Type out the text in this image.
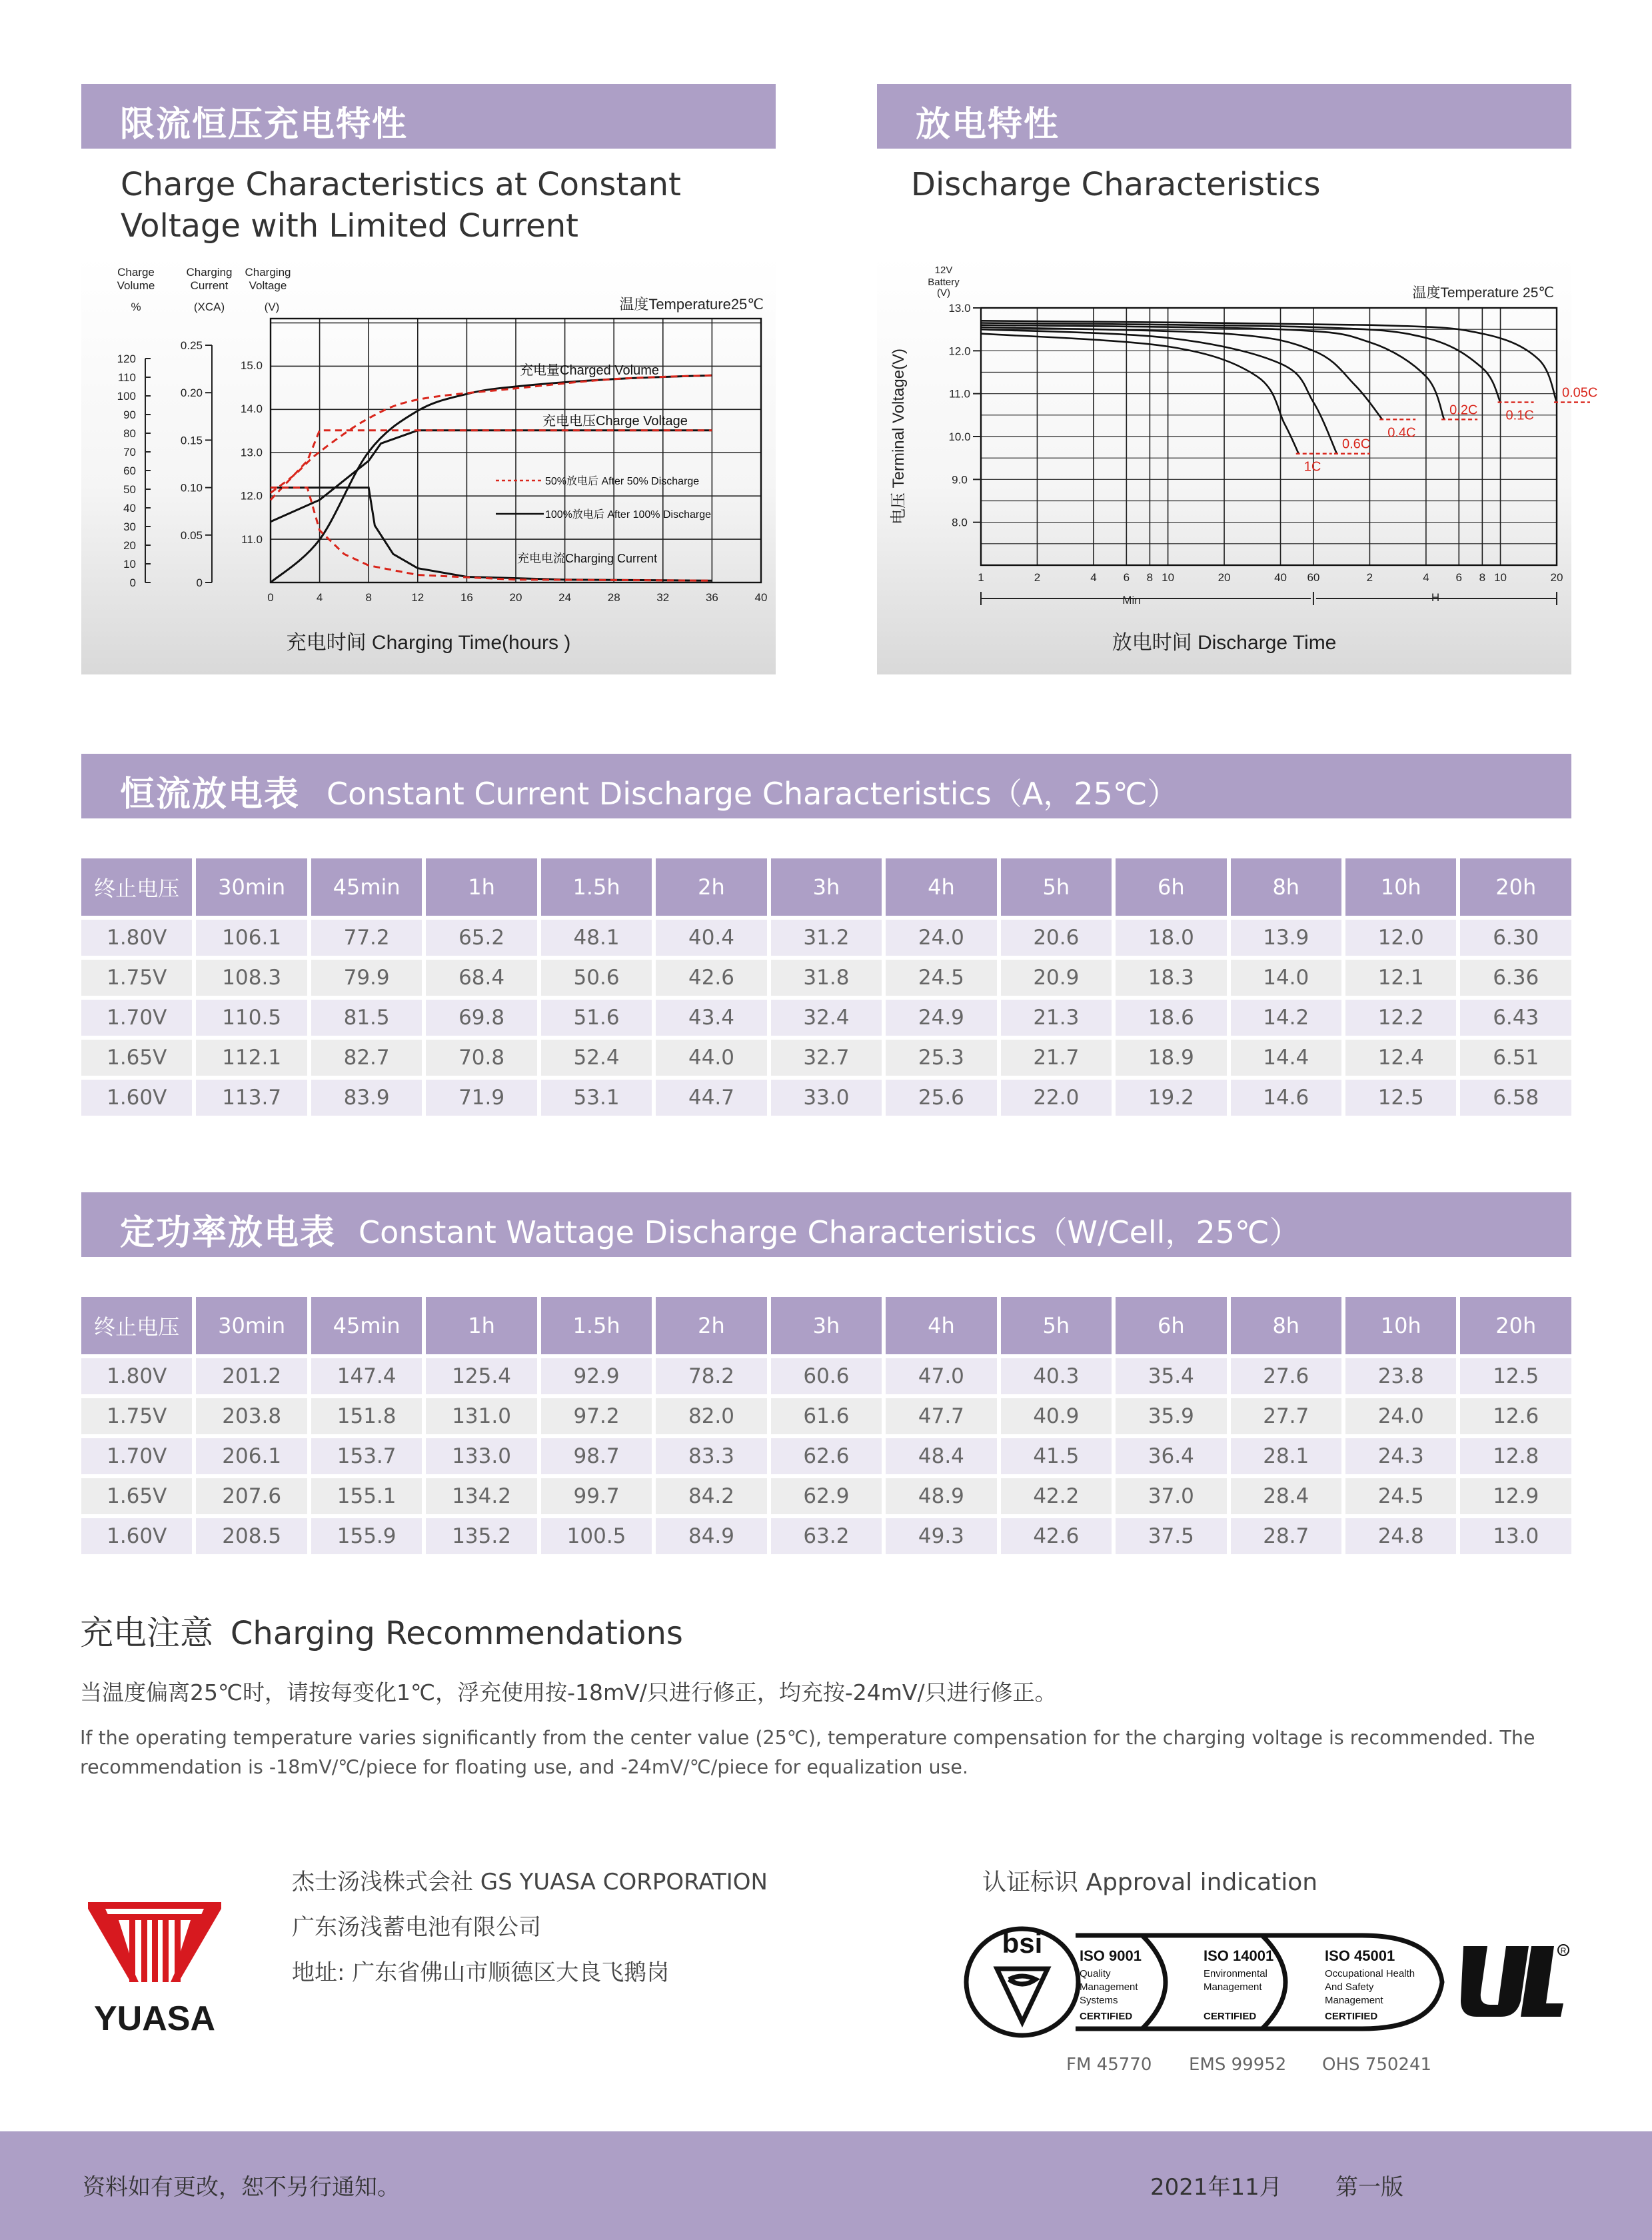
限流恒压充电特性	放电特性
Charge Characteristics at Constant
Voltage with Limited Current
Discharge Characteristics
0	4	8	12	16	20	24	28	32	36	40
Charge
Volume
%
Charging
Current
(XCA)
Charging
Voltage
(V)
0
10
20
30
40
50
60
70
80
90
100
110
120
0
0.05
0.10
0.15
0.20
0.25
11.0
12.0
13.0
14.0
15.0
温度Temperature25℃
充电量Charged Volume
充电电压Charge Voltage
充电电流Charging Current
50%放电后 After 50% Discharge
100%放电后 After 100% Discharge
充电时间 Charging Time(hours )
8.0
9.0
10.0
11.0
12.0
13.0
12V
Battery
(V)
电压 Terminal Voltage(V)
温度Temperature 25℃
1	2	4 6 8 10	20	40 60	2	4 6 8 10	20
Min	H
1C
0.6C
0.4C
0.2C 0.1C
0.05C
放电时间 Discharge Time
恒流放电表 Constant Current Discharge Characteristics（A，25℃）
终止电压	30min	45min	1h	1.5h	2h	3h	4h	5h	6h	8h	10h	20h
1.80V	106.1	77.2	65.2	48.1	40.4	31.2	24.0	20.6	18.0	13.9	12.0	6.30
1.75V	108.3	79.9	68.4	50.6	42.6	31.8	24.5	20.9	18.3	14.0	12.1	6.36
1.70V	110.5	81.5	69.8	51.6	43.4	32.4	24.9	21.3	18.6	14.2	12.2	6.43
1.65V	112.1	82.7	70.8	52.4	44.0	32.7	25.3	21.7	18.9	14.4	12.4	6.51
1.60V	113.7	83.9	71.9	53.1	44.7	33.0	25.6	22.0	19.2	14.6	12.5	6.58
定功率放电表 Constant Wattage Discharge Characteristics（W/Cell，25℃）
终止电压	30min	45min	1h	1.5h	2h	3h	4h	5h	6h	8h	10h	20h
1.80V	201.2	147.4	125.4	92.9	78.2	60.6	47.0	40.3	35.4	27.6	23.8	12.5
1.75V	203.8	151.8	131.0	97.2	82.0	61.6	47.7	40.9	35.9	27.7	24.0	12.6
1.70V	206.1	153.7	133.0	98.7	83.3	62.6	48.4	41.5	36.4	28.1	24.3	12.8
1.65V	207.6	155.1	134.2	99.7	84.2	62.9	48.9	42.2	37.0	28.4	24.5	12.9
1.60V	208.5	155.9	135.2	100.5	84.9	63.2	49.3	42.6	37.5	28.7	24.8	13.0
充电注意 Charging Recommendations
当温度偏离25℃时，请按每变化1℃，浮充使用按-18mV/只进行修正，均充按-24mV/只进行修正。
If the operating temperature varies significantly from the center value (25℃), temperature compensation for the charging voltage is recommended. The recommendation is -18mV/℃/piece for floating use, and -24mV/℃/piece for equalization use.
YUASA
杰士汤浅株式会社 GS YUASA CORPORATION
广东汤浅蓄电池有限公司
地址: 广东省佛山市顺德区大良飞鹅岗
认证标识 Approval indication
bsi	ISO 9001
Quality
Management
Systems
CERTIFIED
ISO 14001
Environmental
Management
CERTIFIED
ISO 45001
Occupational Health
And Safety
Management
CERTIFIED
R
FM 45770 EMS 99952 OHS 750241
资料如有更改，恕不另行通知。	2021年11月 第一版
